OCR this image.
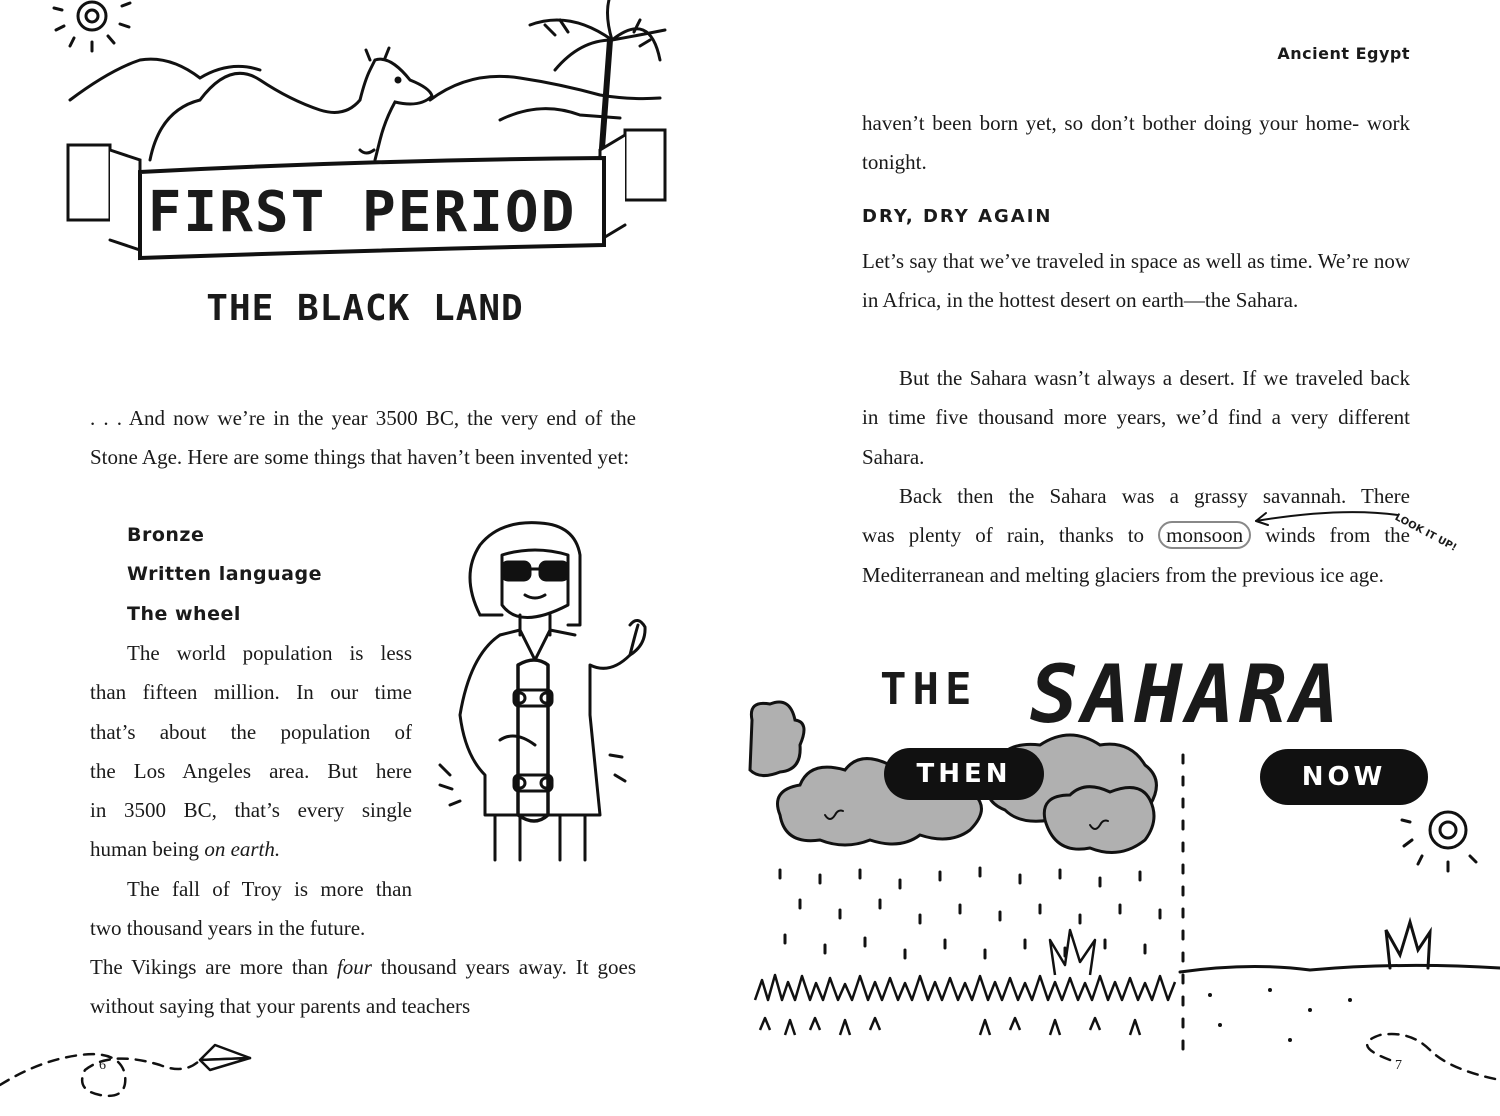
FIRST PERIOD
THE BLACK LAND

. . . And now we’re in the year 3500 BC, the very end of the Stone Age. Here are some things that haven’t been invented yet:

Bronze
Written language
The wheel
The world population is less
than fifteen million. In our time
that’s about the population of
the Los Angeles area. But here
in 3500 BC, that’s every single
human being on earth.
The fall of Troy is more than
two thousand years in the future.

The Vikings are more than four thousand years away. It goes without saying that your parents and teachers

6
Ancient Egypt

haven’t been born yet, so don’t bother doing your home- work tonight.

DRY, DRY AGAIN

Let’s say that we’ve traveled in space as well as time. We’re now in Africa, in the hottest desert on earth—the Sahara.

But the Sahara wasn’t always a desert. If we traveled back in time five thousand more years, we’d find a very different Sahara.

Back then the Sahara was a grassy savannah. There
was plenty of rain, thanks to monsoon winds from the
Mediterranean and melting glaciers from the previous ice age.
LOOK IT UP!
THE SAHARA
THEN	NOW
7
